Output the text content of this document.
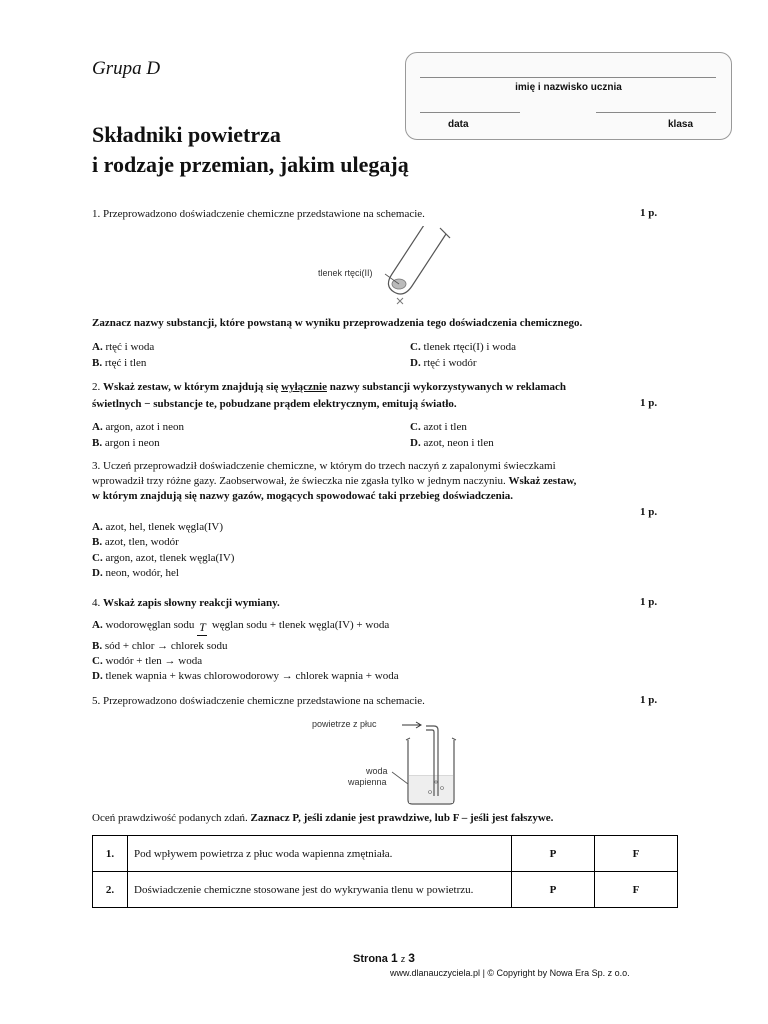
Grupa D
imię i nazwisko ucznia
data	klasa
Składniki powietrza
i rodzaje przemian, jakim ulegają
1. Przeprowadzono doświadczenie chemiczne przedstawione na schemacie.	1 p.
tlenek rtęci(II)
Zaznacz nazwy substancji, które powstaną w wyniku przeprowadzenia tego doświadczenia chemicznego.
A. rtęć i woda
B. rtęć i tlen
C. tlenek rtęci(I) i woda
D. rtęć i wodór
2. Wskaż zestaw, w którym znajdują się wyłącznie nazwy substancji wykorzystywanych w reklamach
świetlnych − substancje te, pobudzane prądem elektrycznym, emitują światło.	1 p.
A. argon, azot i neon
B. argon i neon
C. azot i tlen
D. azot, neon i tlen
3. Uczeń przeprowadził doświadczenie chemiczne, w którym do trzech naczyń z zapalonymi świeczkami
wprowadził trzy różne gazy. Zaobserwował, że świeczka nie zgasła tylko w jednym naczyniu. Wskaż zestaw,
w którym znajdują się nazwy gazów, mogących spowodować taki przebieg doświadczenia.
1 p.
A. azot, hel, tlenek węgla(IV)
B. azot, tlen, wodór
C. argon, azot, tlenek węgla(IV)
D. neon, wodór, hel
4. Wskaż zapis słowny reakcji wymiany.	1 p.
A. wodorowęglan sodu T węglan sodu + tlenek węgla(IV) + woda
B. sód + chlor → chlorek sodu
C. wodór + tlen → woda
D. tlenek wapnia + kwas chlorowodorowy → chlorek wapnia + woda
5. Przeprowadzono doświadczenie chemiczne przedstawione na schemacie.	1 p.
powietrze z płuc
woda
wapienna
Oceń prawdziwość podanych zdań. Zaznacz P, jeśli zdanie jest prawdziwe, lub F – jeśli jest fałszywe.
1.	Pod wpływem powietrza z płuc woda wapienna zmętniała.	P	F
2.	Doświadczenie chemiczne stosowane jest do wykrywania tlenu w powietrzu.	P	F
Strona 1 z 3
www.dlanauczyciela.pl | © Copyright by Nowa Era Sp. z o.o.
